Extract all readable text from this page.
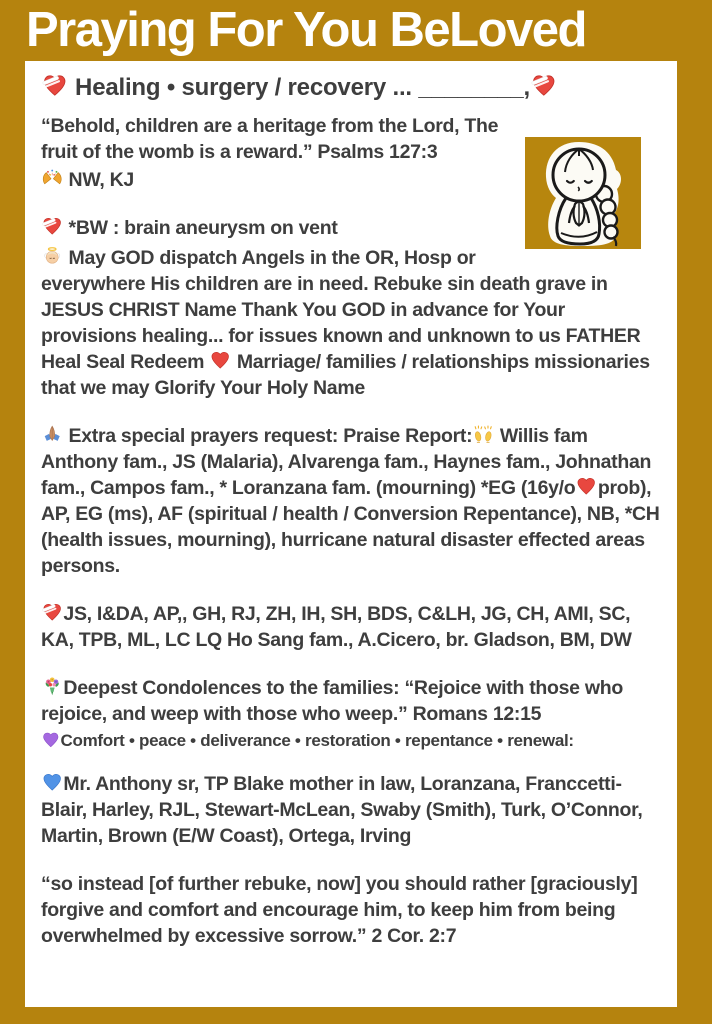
Praying For You BeLoved
Healing • surgery / recovery ... ________,

“Behold, children are a heritage from the Lord, The fruit of the womb is a reward.” Psalms 127:3

NW, KJ

*BW : brain aneurysm on vent

May GOD dispatch Angels in the OR, Hosp or everywhere His children are in need. Rebuke sin death grave in JESUS CHRIST Name Thank You GOD in advance for Your provisions healing... for issues known and unknown to us FATHER Heal Seal Redeem
Marriage/ families / relationships missionaries that we may Glorify Your Holy Name

Extra special prayers request: Praise Report:
Willis fam Anthony fam., JS (Malaria), Alvarenga fam., Haynes fam., Johnathan fam., Campos fam., * Loranzana fam. (mourning) *EG (16y/o prob), AP, EG (ms), AF (spiritual / health / Conversion Repentance), NB, *CH (health issues, mourning), hurricane natural disaster effected areas persons.

JS, I&DA, AP,, GH, RJ, ZH, IH, SH, BDS, C&LH, JG, CH, AMI, SC, KA, TPB, ML, LC LQ Ho Sang fam., A.Cicero, br. Gladson, BM, DW

Deepest Condolences to the families: “Rejoice with those who rejoice, and weep with those who weep.” Romans 12:15

Comfort • peace • deliverance • restoration • repentance • renewal:

Mr. Anthony sr, TP Blake mother in law, Loranzana, Franccetti- Blair, Harley, RJL, Stewart-McLean, Swaby (Smith), Turk, O’Connor, Martin, Brown (E/W Coast), Ortega, Irving

“so instead [of further rebuke, now] you should rather [graciously] forgive and comfort and encourage him, to keep him from being overwhelmed by excessive sorrow.” 2 Cor. 2:7
